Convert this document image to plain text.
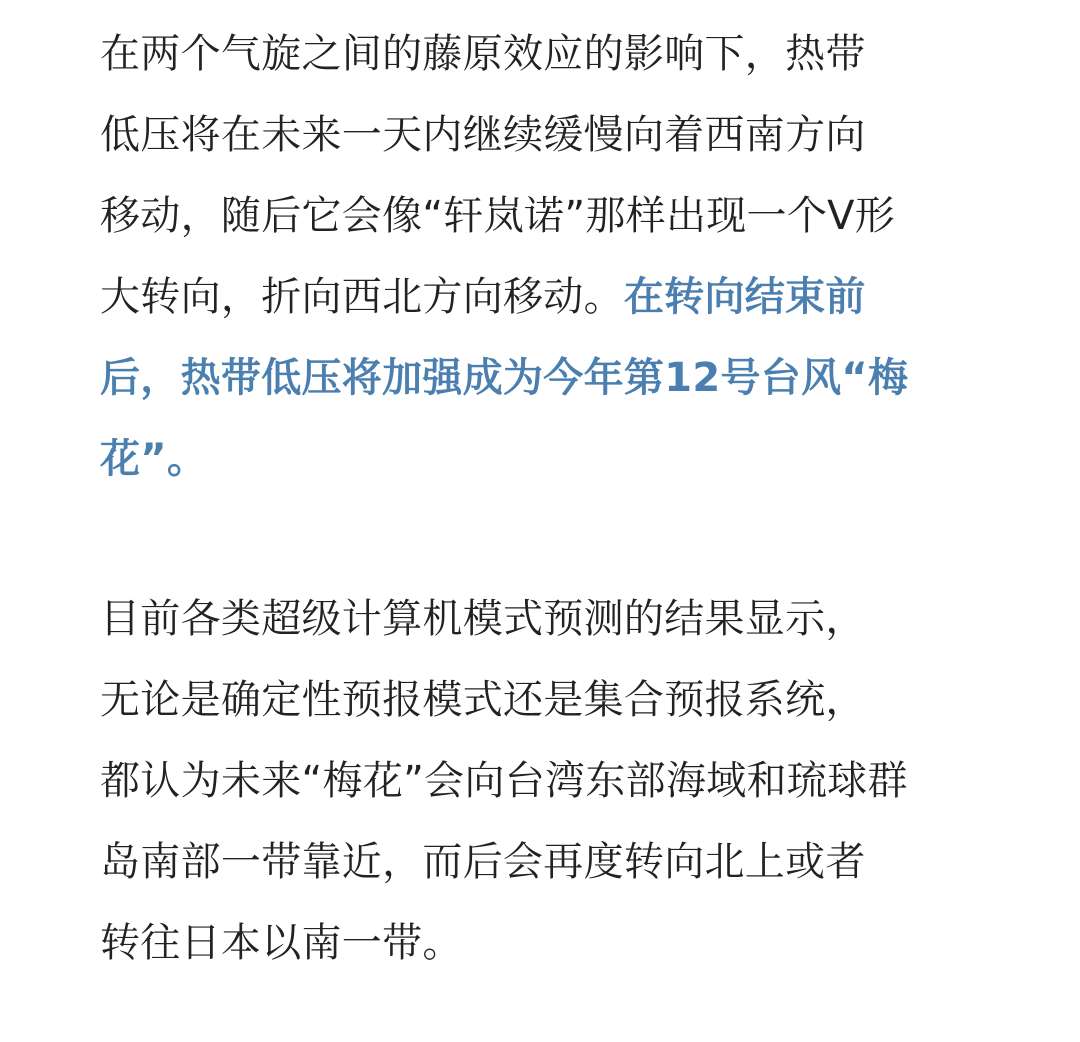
在两个气旋之间的藤原效应的影响下，热带
低压将在未来一天内继续缓慢向着西南方向
移动，随后它会像“轩岚诺”那样出现一个V形
大转向，折向西北方向移动。在转向结束前
后，热带低压将加强成为今年第12号台风“梅
花”。

目前各类超级计算机模式预测的结果显示，
无论是确定性预报模式还是集合预报系统，
都认为未来“梅花”会向台湾东部海域和琉球群
岛南部一带靠近，而后会再度转向北上或者
转往日本以南一带。
